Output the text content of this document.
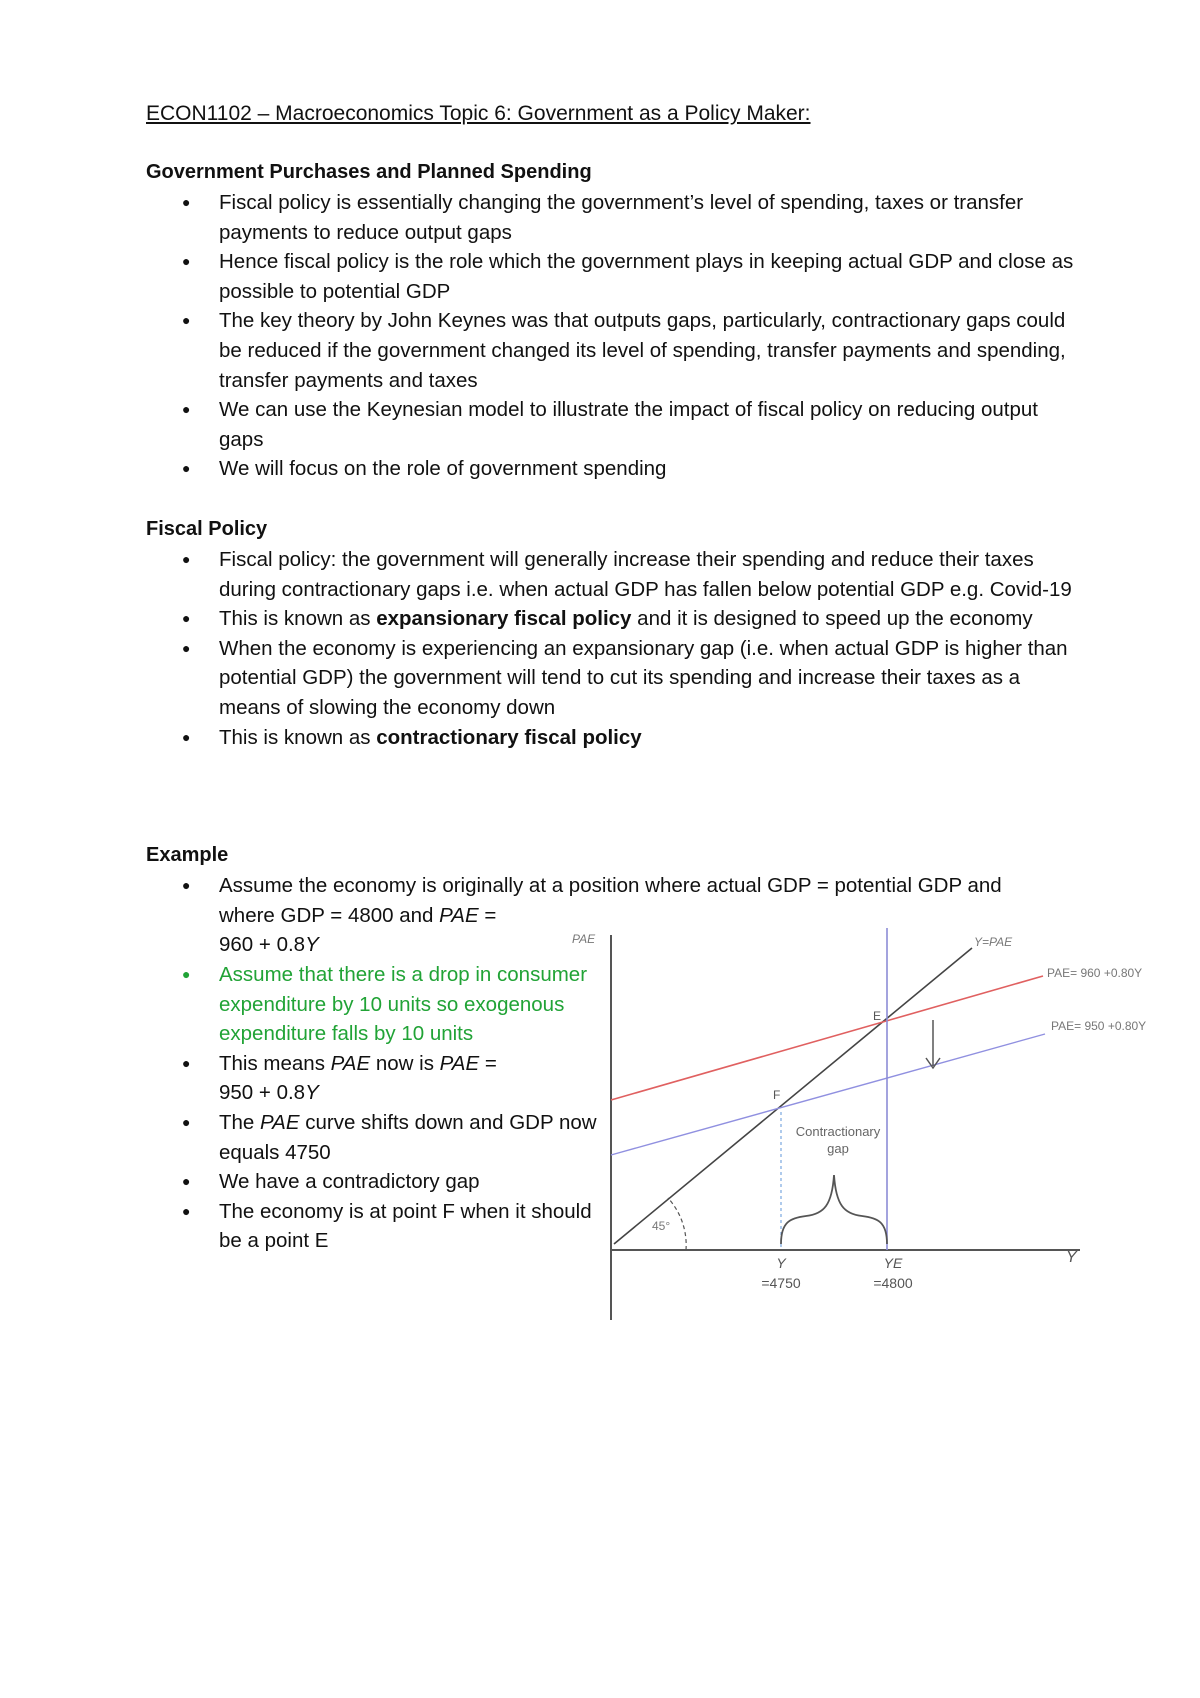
ECON1102 – Macroeconomics Topic 6: Government as a Policy Maker:
Government Purchases and Planned Spending
● Fiscal policy is essentially changing the government’s level of spending, taxes or transfer payments to reduce output gaps
● Hence fiscal policy is the role which the government plays in keeping actual GDP and close as possible to potential GDP
● The key theory by John Keynes was that outputs gaps, particularly, contractionary gaps could be reduced if the government changed its level of spending, transfer payments and spending, transfer payments and taxes
● We can use the Keynesian model to illustrate the impact of fiscal policy on reducing output gaps
● We will focus on the role of government spending
Fiscal Policy
● Fiscal policy: the government will generally increase their spending and reduce their taxes during contractionary gaps i.e. when actual GDP has fallen below potential GDP e.g. Covid-19
● This is known as expansionary fiscal policy and it is designed to speed up the economy
● When the economy is experiencing an expansionary gap (i.e. when actual GDP is higher than potential GDP) the government will tend to cut its spending and increase their taxes as a means of slowing the economy down
● This is known as contractionary fiscal policy
Example
● Assume the economy is originally at a position where actual GDP = potential GDP and
where GDP = 4800 and PAE =
960 + 0.8Y
● Assume that there is a drop in consumer expenditure by 10 units so exogenous expenditure falls by 10 units
● This means PAE now is PAE =
950 + 0.8Y
● The PAE curve shifts down and GDP now equals 4750
● We have a contradictory gap
● The economy is at point F when it should be a point E
PAE
Y
Y=PAE
PAE= 960 +0.80Y
PAE= 950 +0.80Y
E
F
Contractionary
gap
45°
Y
=4750
YE
=4800
